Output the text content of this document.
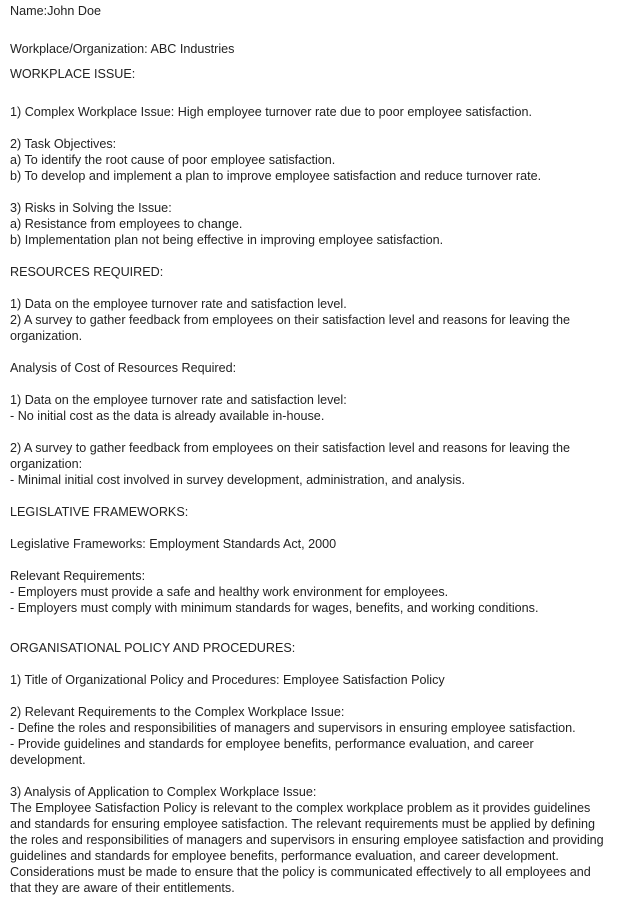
Name:John Doe
Workplace/Organization: ABC Industries
WORKPLACE ISSUE:
1) Complex Workplace Issue: High employee turnover rate due to poor employee satisfaction.
2) Task Objectives:
a) To identify the root cause of poor employee satisfaction.
b) To develop and implement a plan to improve employee satisfaction and reduce turnover rate.
3) Risks in Solving the Issue:
a) Resistance from employees to change.
b) Implementation plan not being effective in improving employee satisfaction.
RESOURCES REQUIRED:
1) Data on the employee turnover rate and satisfaction level.
2) A survey to gather feedback from employees on their satisfaction level and reasons for leaving the organization.
Analysis of Cost of Resources Required:
1) Data on the employee turnover rate and satisfaction level:
- No initial cost as the data is already available in-house.
2) A survey to gather feedback from employees on their satisfaction level and reasons for leaving the organization:
- Minimal initial cost involved in survey development, administration, and analysis.
LEGISLATIVE FRAMEWORKS:
Legislative Frameworks: Employment Standards Act, 2000
Relevant Requirements:
- Employers must provide a safe and healthy work environment for employees.
- Employers must comply with minimum standards for wages, benefits, and working conditions.
ORGANISATIONAL POLICY AND PROCEDURES:
1) Title of Organizational Policy and Procedures: Employee Satisfaction Policy
2) Relevant Requirements to the Complex Workplace Issue:
- Define the roles and responsibilities of managers and supervisors in ensuring employee satisfaction.
- Provide guidelines and standards for employee benefits, performance evaluation, and career development.
3) Analysis of Application to Complex Workplace Issue:
The Employee Satisfaction Policy is relevant to the complex workplace problem as it provides guidelines and standards for ensuring employee satisfaction. The relevant requirements must be applied by defining the roles and responsibilities of managers and supervisors in ensuring employee satisfaction and providing guidelines and standards for employee benefits, performance evaluation, and career development. Considerations must be made to ensure that the policy is communicated effectively to all employees and that they are aware of their entitlements.
